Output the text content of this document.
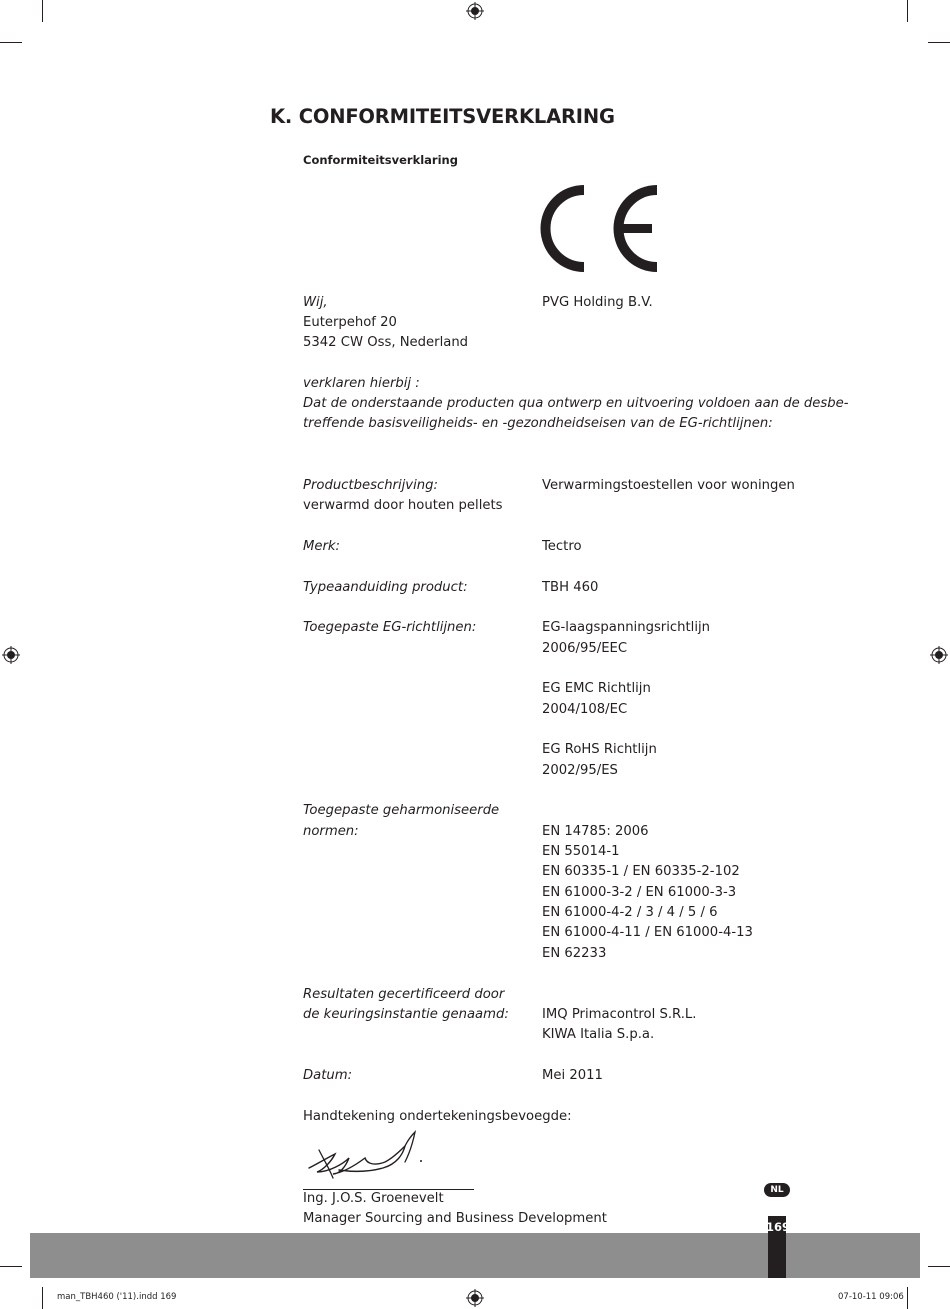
K. CONFORMITEITSVERKLARING
Conformiteitsverklaring
Wij,	PVG Holding B.V.
Euterpehof 20
5342 CW Oss, Nederland
verklaren hierbij :
Dat de onderstaande producten qua ontwerp en uitvoering voldoen aan de desbe-
treffende basisveiligheids- en -gezondheidseisen van de EG-richtlijnen:
Productbeschrijving:	Verwarmingstoestellen voor woningen
verwarmd door houten pellets
Merk:	Tectro
Typeaanduiding product:	TBH 460
Toegepaste EG-richtlijnen:	EG-laagspanningsrichtlijn
2006/95/EEC
EG EMC Richtlijn
2004/108/EC
EG RoHS Richtlijn
2002/95/ES
Toegepaste geharmoniseerde
normen:	EN 14785: 2006
EN 55014-1
EN 60335-1 / EN 60335-2-102
EN 61000-3-2 / EN 61000-3-3
EN 61000-4-2 / 3 / 4 / 5 / 6
EN 61000-4-11 / EN 61000-4-13
EN 62233
Resultaten gecertificeerd door
de keuringsinstantie genaamd:	IMQ Primacontrol S.R.L.
KIWA Italia S.p.a.
Datum:	Mei 2011
Handtekening ondertekeningsbevoegde:
Ing. J.O.S. Groenevelt
Manager Sourcing and Business Development
NL
169
man_TBH460 ('11).indd 169	07-10-11 09:06
